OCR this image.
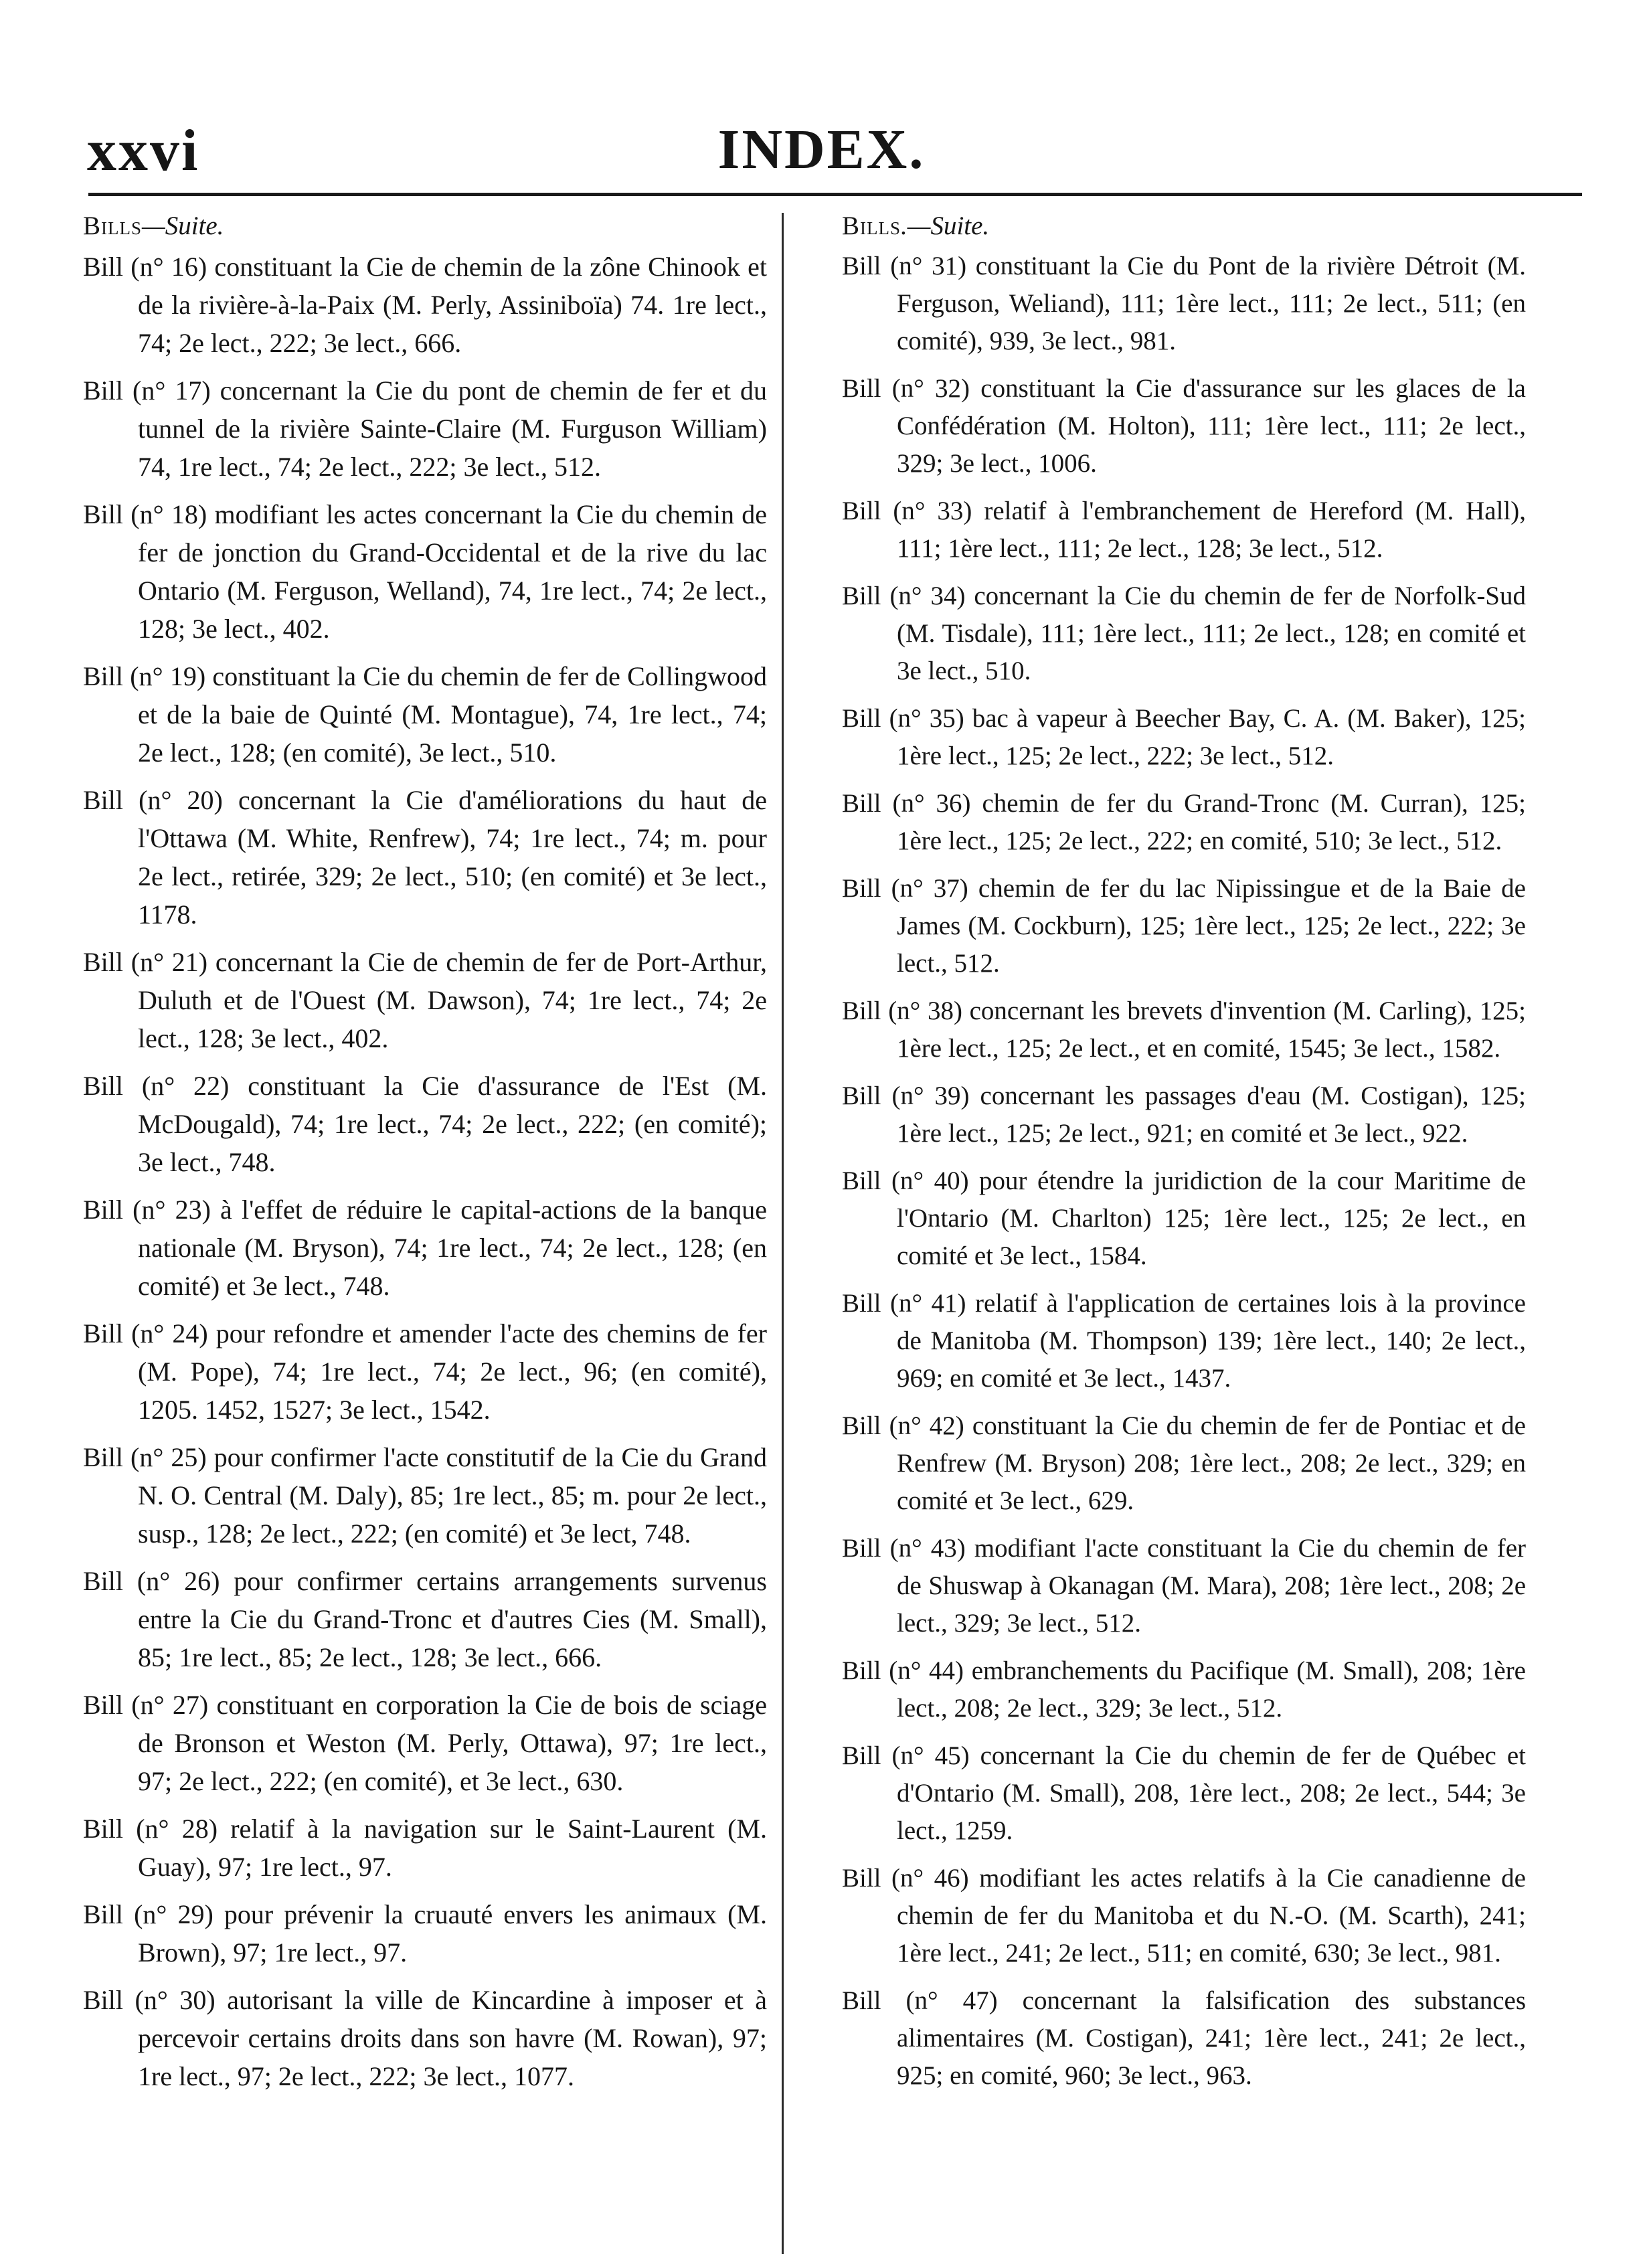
xxvi	INDEX.
Bills—Suite.

Bill (n° 16) constituant la Cie de chemin de la zône Chinook et de la rivière-à-la-Paix (M. Perly, Assiniboïa) 74. 1re lect., 74; 2e lect., 222; 3e lect., 666.

Bill (n° 17) concernant la Cie du pont de chemin de fer et du tunnel de la rivière Sainte-Claire (M. Furguson William) 74, 1re lect., 74; 2e lect., 222; 3e lect., 512.

Bill (n° 18) modifiant les actes concernant la Cie du chemin de fer de jonction du Grand-Occidental et de la rive du lac Ontario (M. Ferguson, Welland), 74, 1re lect., 74; 2e lect., 128; 3e lect., 402.

Bill (n° 19) constituant la Cie du chemin de fer de Collingwood et de la baie de Quinté (M. Montague), 74, 1re lect., 74; 2e lect., 128; (en comité), 3e lect., 510.

Bill (n° 20) concernant la Cie d'améliorations du haut de l'Ottawa (M. White, Renfrew), 74; 1re lect., 74; m. pour 2e lect., retirée, 329; 2e lect., 510; (en comité) et 3e lect., 1178.

Bill (n° 21) concernant la Cie de chemin de fer de Port-Arthur, Duluth et de l'Ouest (M. Dawson), 74; 1re lect., 74; 2e lect., 128; 3e lect., 402.

Bill (n° 22) constituant la Cie d'assurance de l'Est (M. McDougald), 74; 1re lect., 74; 2e lect., 222; (en comité); 3e lect., 748.

Bill (n° 23) à l'effet de réduire le capital-actions de la banque nationale (M. Bryson), 74; 1re lect., 74; 2e lect., 128; (en comité) et 3e lect., 748.

Bill (n° 24) pour refondre et amender l'acte des chemins de fer (M. Pope), 74; 1re lect., 74; 2e lect., 96; (en comité), 1205. 1452, 1527; 3e lect., 1542.

Bill (n° 25) pour confirmer l'acte constitutif de la Cie du Grand N. O. Central (M. Daly), 85; 1re lect., 85; m. pour 2e lect., susp., 128; 2e lect., 222; (en comité) et 3e lect, 748.

Bill (n° 26) pour confirmer certains arrangements survenus entre la Cie du Grand-Tronc et d'autres Cies (M. Small), 85; 1re lect., 85; 2e lect., 128; 3e lect., 666.

Bill (n° 27) constituant en corporation la Cie de bois de sciage de Bronson et Weston (M. Perly, Ottawa), 97; 1re lect., 97; 2e lect., 222; (en comité), et 3e lect., 630.

Bill (n° 28) relatif à la navigation sur le Saint-Laurent (M. Guay), 97; 1re lect., 97.

Bill (n° 29) pour prévenir la cruauté envers les animaux (M. Brown), 97; 1re lect., 97.

Bill (n° 30) autorisant la ville de Kincardine à imposer et à percevoir certains droits dans son havre (M. Rowan), 97; 1re lect., 97; 2e lect., 222; 3e lect., 1077.

Bills.—Suite.

Bill (n° 31) constituant la Cie du Pont de la rivière Détroit (M. Ferguson, Weliand), 111; 1ère lect., 111; 2e lect., 511; (en comité), 939, 3e lect., 981.

Bill (n° 32) constituant la Cie d'assurance sur les glaces de la Confédération (M. Holton), 111; 1ère lect., 111; 2e lect., 329; 3e lect., 1006.

Bill (n° 33) relatif à l'embranchement de Hereford (M. Hall), 111; 1ère lect., 111; 2e lect., 128; 3e lect., 512.

Bill (n° 34) concernant la Cie du chemin de fer de Norfolk-Sud (M. Tisdale), 111; 1ère lect., 111; 2e lect., 128; en comité et 3e lect., 510.

Bill (n° 35) bac à vapeur à Beecher Bay, C. A. (M. Baker), 125; 1ère lect., 125; 2e lect., 222; 3e lect., 512.

Bill (n° 36) chemin de fer du Grand-Tronc (M. Curran), 125; 1ère lect., 125; 2e lect., 222; en comité, 510; 3e lect., 512.

Bill (n° 37) chemin de fer du lac Nipissingue et de la Baie de James (M. Cockburn), 125; 1ère lect., 125; 2e lect., 222; 3e lect., 512.

Bill (n° 38) concernant les brevets d'invention (M. Carling), 125; 1ère lect., 125; 2e lect., et en comité, 1545; 3e lect., 1582.

Bill (n° 39) concernant les passages d'eau (M. Costigan), 125; 1ère lect., 125; 2e lect., 921; en comité et 3e lect., 922.

Bill (n° 40) pour étendre la juridiction de la cour Maritime de l'Ontario (M. Charlton) 125; 1ère lect., 125; 2e lect., en comité et 3e lect., 1584.

Bill (n° 41) relatif à l'application de certaines lois à la province de Manitoba (M. Thompson) 139; 1ère lect., 140; 2e lect., 969; en comité et 3e lect., 1437.

Bill (n° 42) constituant la Cie du chemin de fer de Pontiac et de Renfrew (M. Bryson) 208; 1ère lect., 208; 2e lect., 329; en comité et 3e lect., 629.

Bill (n° 43) modifiant l'acte constituant la Cie du chemin de fer de Shuswap à Okanagan (M. Mara), 208; 1ère lect., 208; 2e lect., 329; 3e lect., 512.

Bill (n° 44) embranchements du Pacifique (M. Small), 208; 1ère lect., 208; 2e lect., 329; 3e lect., 512.

Bill (n° 45) concernant la Cie du chemin de fer de Québec et d'Ontario (M. Small), 208, 1ère lect., 208; 2e lect., 544; 3e lect., 1259.

Bill (n° 46) modifiant les actes relatifs à la Cie canadienne de chemin de fer du Manitoba et du N.-O. (M. Scarth), 241; 1ère lect., 241; 2e lect., 511; en comité, 630; 3e lect., 981.

Bill (n° 47) concernant la falsification des substances alimentaires (M. Costigan), 241; 1ère lect., 241; 2e lect., 925; en comité, 960; 3e lect., 963.
